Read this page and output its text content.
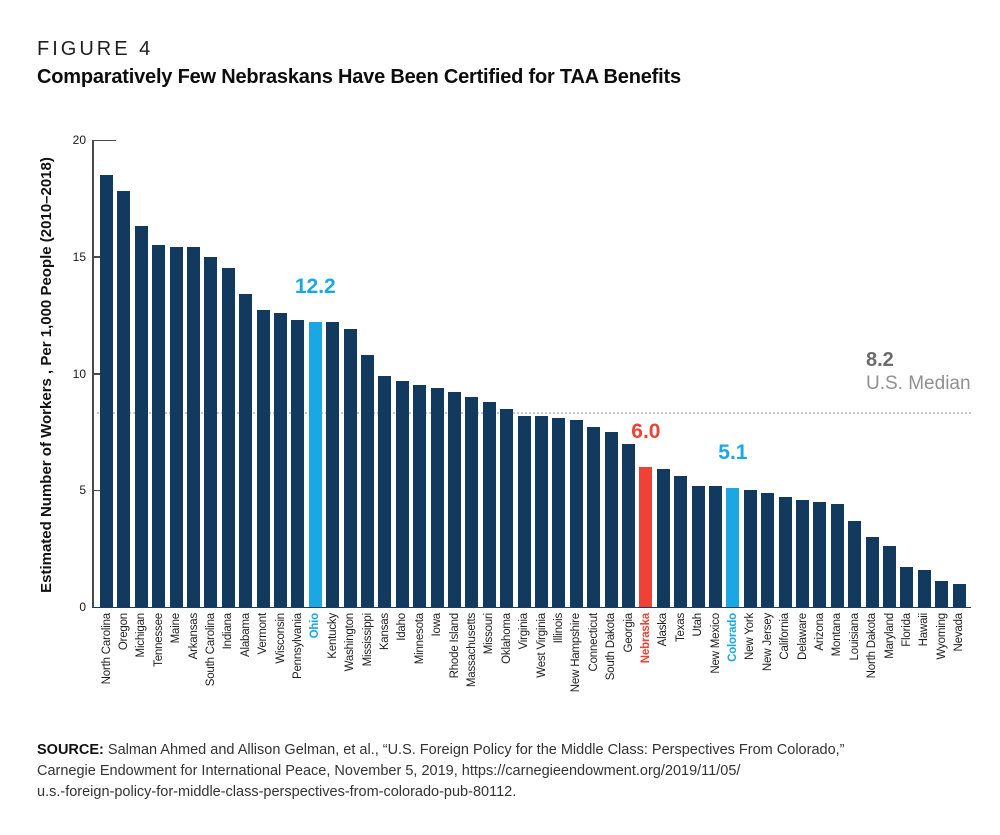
FIGURE 4
Comparatively Few Nebraskans Have Been Certified for TAA Benefits
Estimated Number of Workers , Per 1,000 People (2010–2018)
0
5
10
15
20
North Carolina Oregon Michigan Tennessee Maine Arkansas South Carolina Indiana Alabama Vermont Wisconsin Pennsylvania Ohio Kentucky Washington Mississippi Kansas Idaho Minnesota Iowa Rhode Island Massachusetts Missouri Oklahoma Virginia West Virginia Illinois New Hampshire Connecticut South Dakota Georgia Nebraska Alaska Texas Utah New Mexico Colorado New York New Jersey California Delaware Arizona Montana Louisiana North Dakota Maryland Florida Hawaii Wyoming Nevada
12.2
6.0
5.1
8.2
U.S. Median
SOURCE: Salman Ahmed and Allison Gelman, et al., “U.S. Foreign Policy for the Middle Class: Perspectives From Colorado,”
Carnegie Endowment for International Peace, November 5, 2019, https://carnegieendowment.org/2019/11/05/
u.s.-foreign-policy-for-middle-class-perspectives-from-colorado-pub-80112.
